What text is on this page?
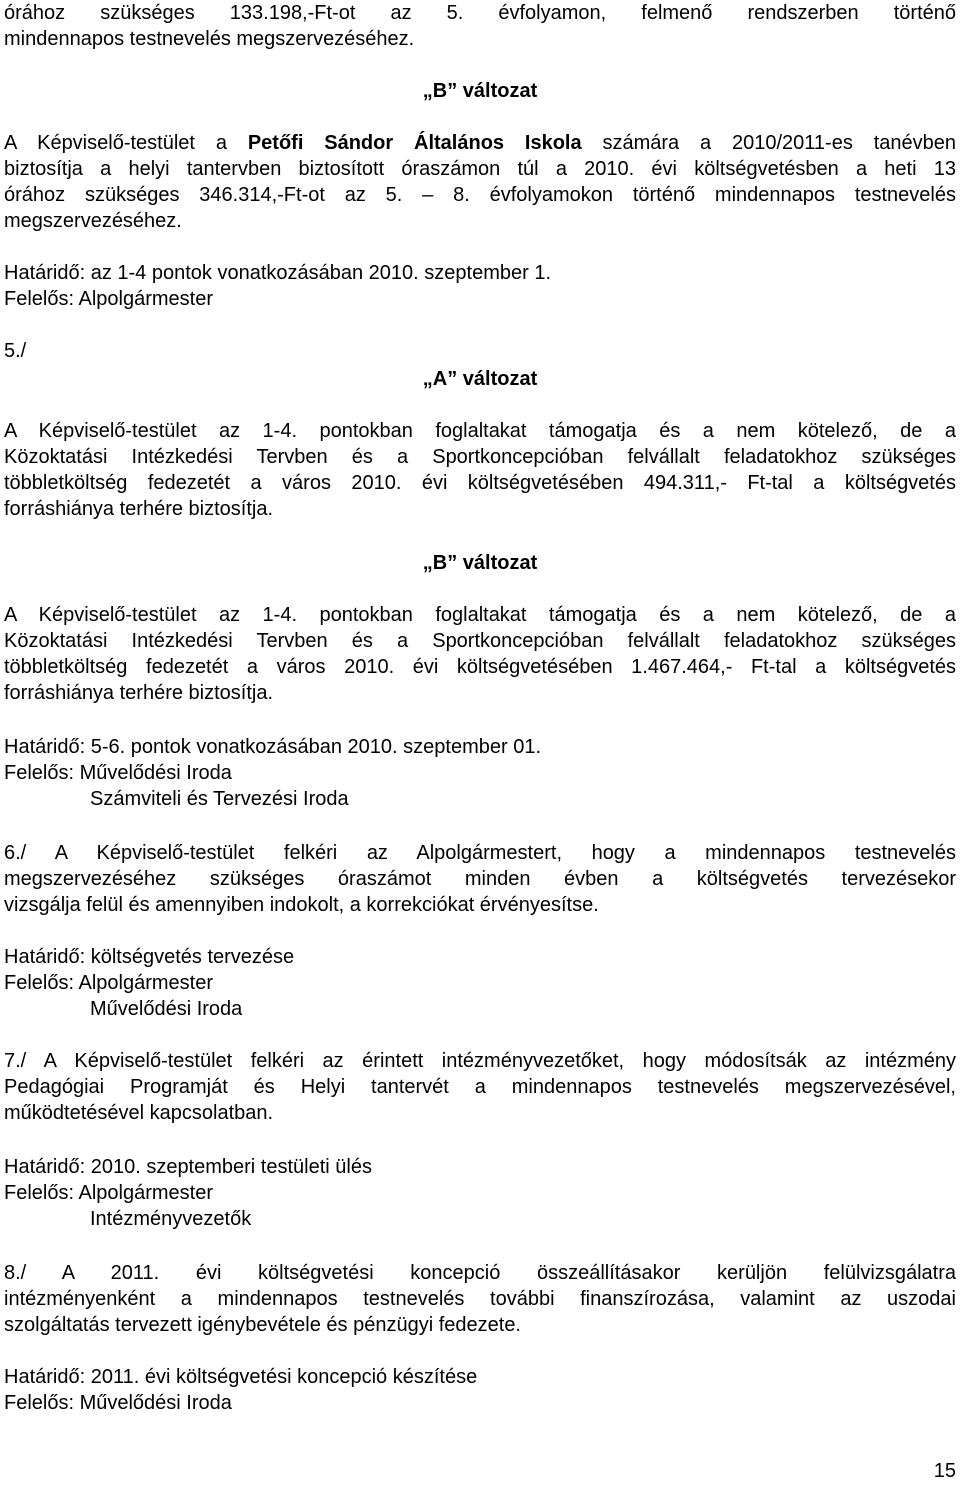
órához szükséges 133.198,-Ft-ot az 5. évfolyamon, felmenő rendszerben történő
mindennapos testnevelés megszervezéséhez.
„B” változat
A Képviselő-testület a Petőfi Sándor Általános Iskola számára a 2010/2011-es tanévben
biztosítja a helyi tantervben biztosított óraszámon túl a 2010. évi költségvetésben a heti 13
órához szükséges 346.314,-Ft-ot az 5. – 8. évfolyamokon történő mindennapos testnevelés
megszervezéséhez.
Határidő: az 1-4 pontok vonatkozásában 2010. szeptember 1.
Felelős: Alpolgármester
5./
„A” változat
A Képviselő-testület az 1-4. pontokban foglaltakat támogatja és a nem kötelező, de a
Közoktatási Intézkedési Tervben és a Sportkoncepcióban felvállalt feladatokhoz szükséges
többletköltség fedezetét a város 2010. évi költségvetésében 494.311,- Ft-tal a költségvetés
forráshiánya terhére biztosítja.
„B” változat
A Képviselő-testület az 1-4. pontokban foglaltakat támogatja és a nem kötelező, de a
Közoktatási Intézkedési Tervben és a Sportkoncepcióban felvállalt feladatokhoz szükséges
többletköltség fedezetét a város 2010. évi költségvetésében 1.467.464,- Ft-tal a költségvetés
forráshiánya terhére biztosítja.
Határidő: 5-6. pontok vonatkozásában 2010. szeptember 01.
Felelős: Művelődési Iroda
Számviteli és Tervezési Iroda
6./ A Képviselő-testület felkéri az Alpolgármestert, hogy a mindennapos testnevelés
megszervezéséhez szükséges óraszámot minden évben a költségvetés tervezésekor
vizsgálja felül és amennyiben indokolt, a korrekciókat érvényesítse.
Határidő: költségvetés tervezése
Felelős: Alpolgármester
Művelődési Iroda
7./ A Képviselő-testület felkéri az érintett intézményvezetőket, hogy módosítsák az intézmény
Pedagógiai Programját és Helyi tantervét a mindennapos testnevelés megszervezésével,
működtetésével kapcsolatban.
Határidő: 2010. szeptemberi testületi ülés
Felelős: Alpolgármester
Intézményvezetők
8./ A 2011. évi költségvetési koncepció összeállításakor kerüljön felülvizsgálatra
intézményenként a mindennapos testnevelés további finanszírozása, valamint az uszodai
szolgáltatás tervezett igénybevétele és pénzügyi fedezete.
Határidő: 2011. évi költségvetési koncepció készítése
Felelős: Művelődési Iroda
15
